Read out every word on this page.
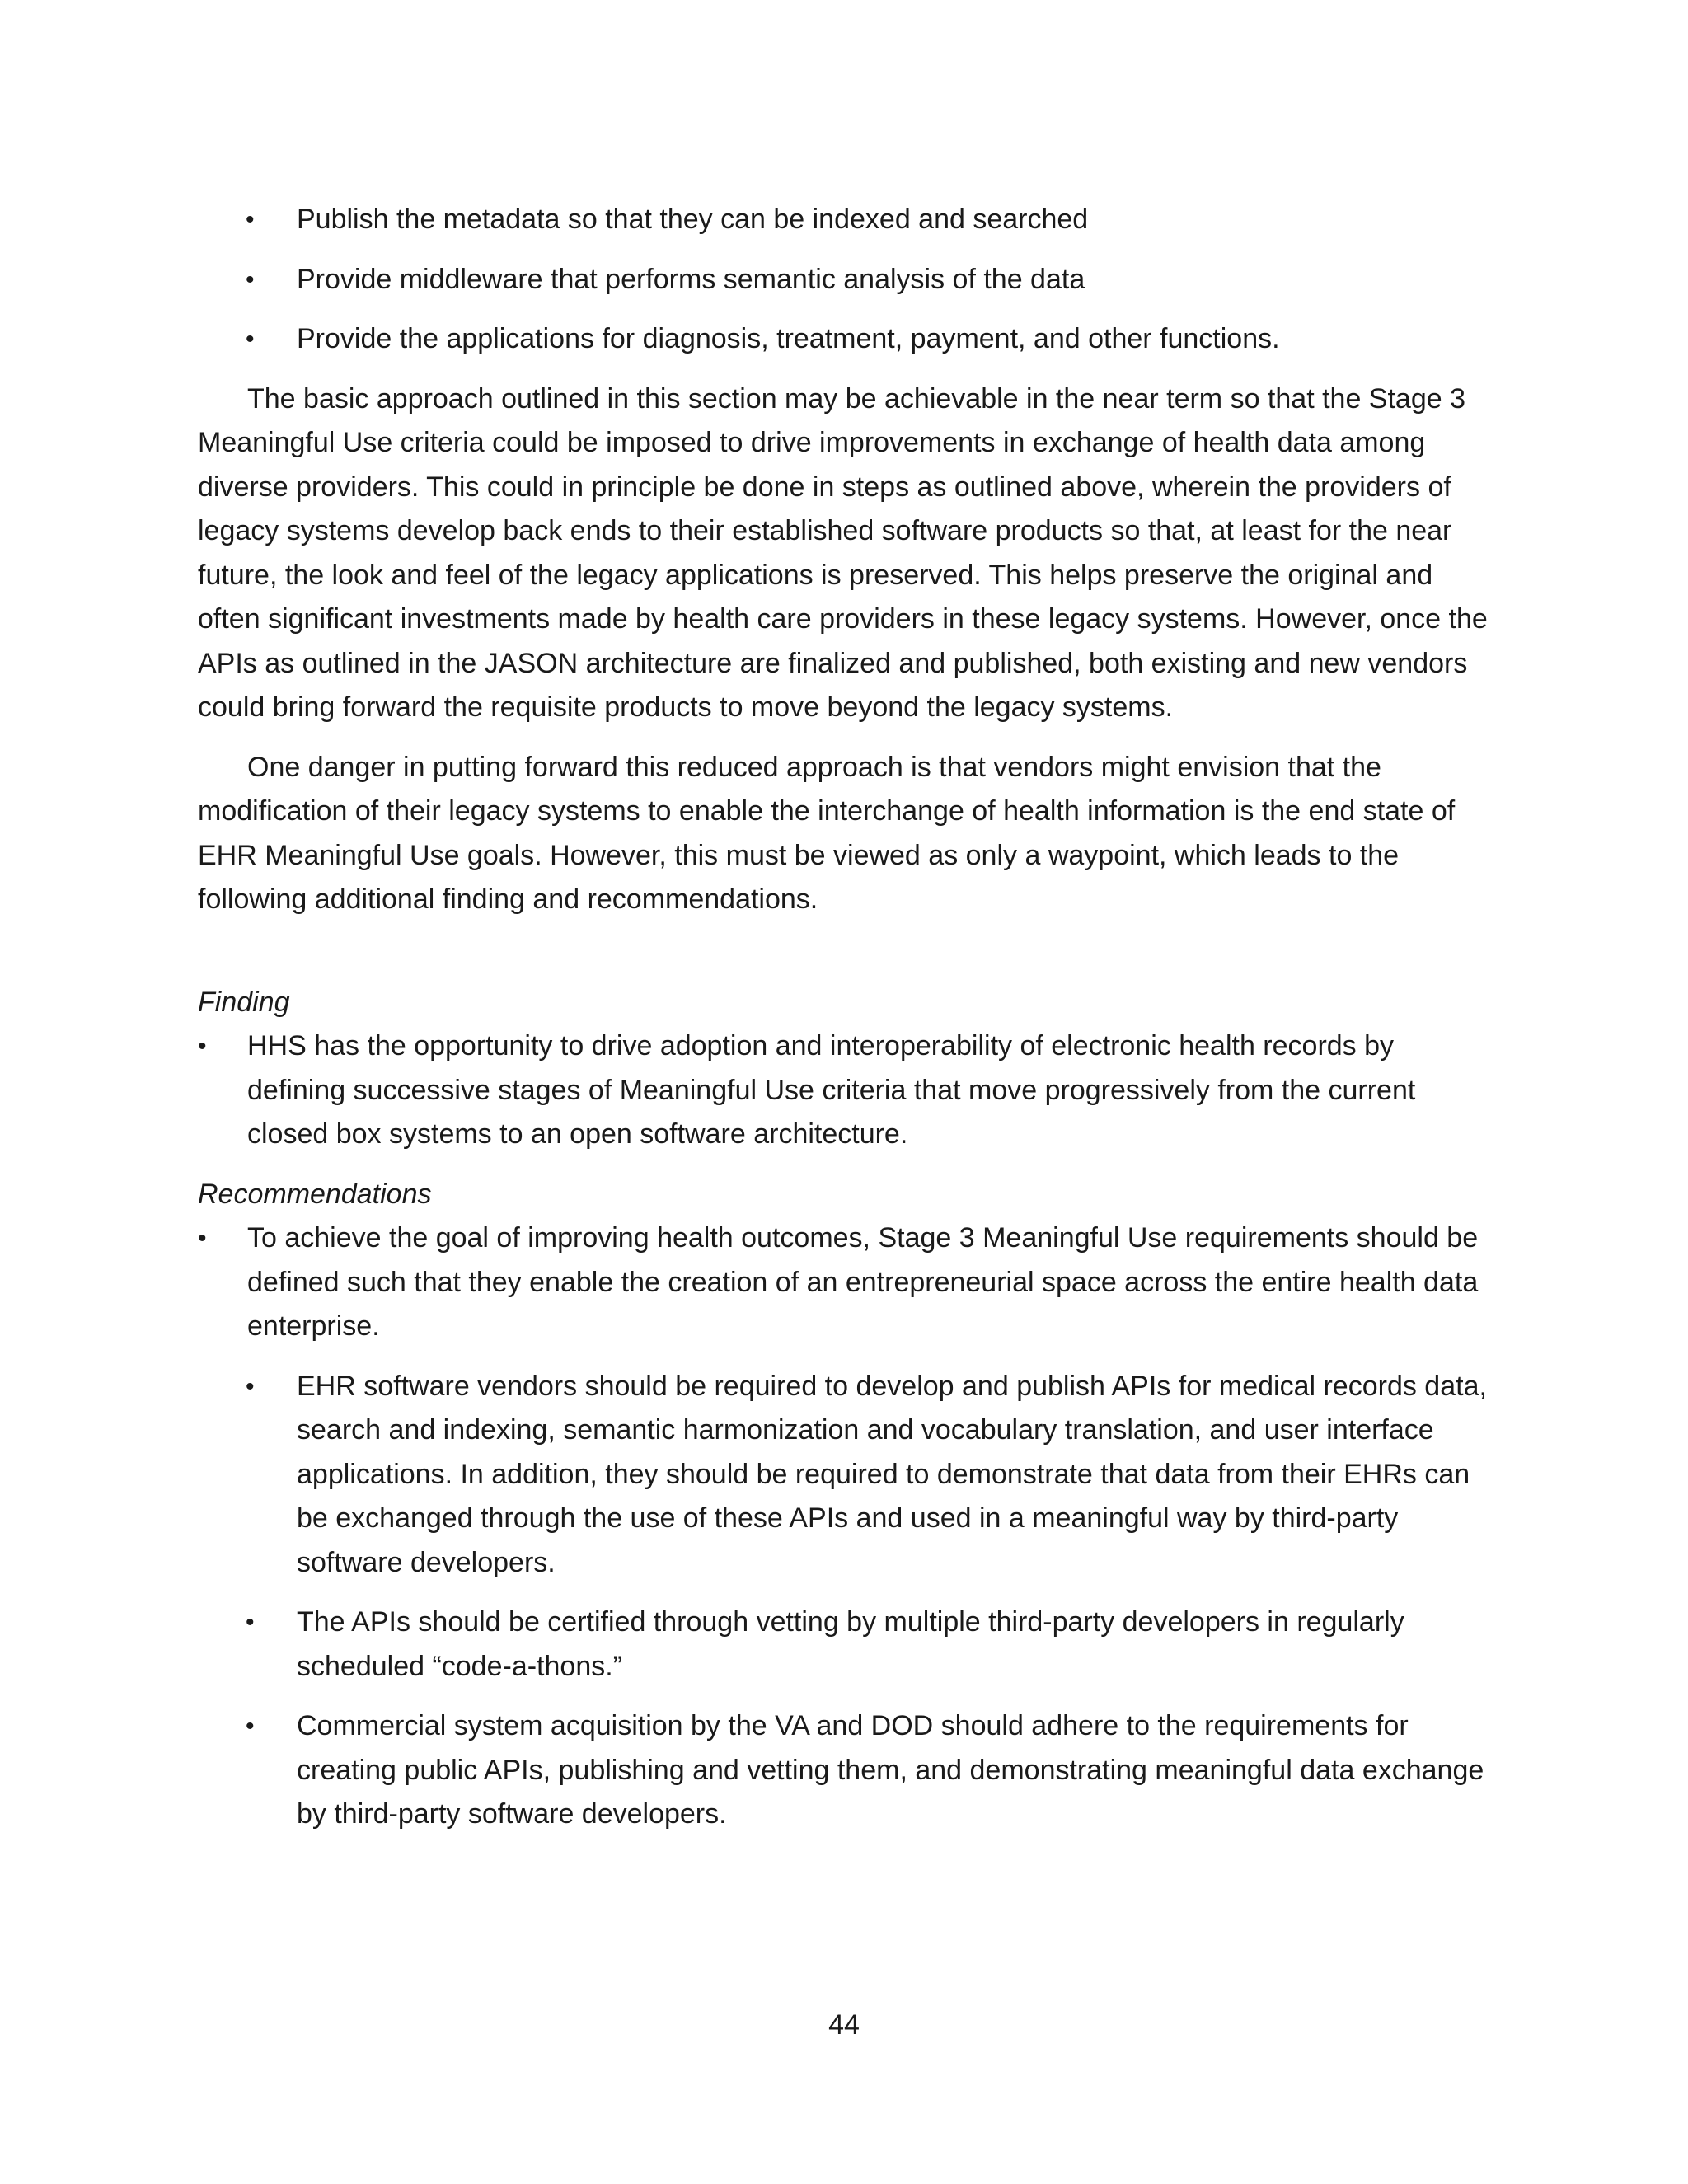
• Publish the metadata so that they can be indexed and searched
• Provide middleware that performs semantic analysis of the data
• Provide the applications for diagnosis, treatment, payment, and other functions.

The basic approach outlined in this section may be achievable in the near term so that the Stage 3 Meaningful Use criteria could be imposed to drive improvements in exchange of health data among diverse providers. This could in principle be done in steps as outlined above, wherein the providers of legacy systems develop back ends to their established software products so that, at least for the near future, the look and feel of the legacy applications is preserved. This helps preserve the original and often significant investments made by health care providers in these legacy systems. However, once the APIs as outlined in the JASON architecture are finalized and published, both existing and new vendors could bring forward the requisite products to move beyond the legacy systems.

One danger in putting forward this reduced approach is that vendors might envision that the modification of their legacy systems to enable the interchange of health information is the end state of EHR Meaningful Use goals. However, this must be viewed as only a waypoint, which leads to the following additional finding and recommendations.

Finding

• HHS has the opportunity to drive adoption and interoperability of electronic health records by defining successive stages of Meaningful Use criteria that move progressively from the current closed box systems to an open software architecture.

Recommendations

• To achieve the goal of improving health outcomes, Stage 3 Meaningful Use requirements should be defined such that they enable the creation of an entrepreneurial space across the entire health data enterprise.
• EHR software vendors should be required to develop and publish APIs for medical records data, search and indexing, semantic harmonization and vocabulary translation, and user interface applications. In addition, they should be required to demonstrate that data from their EHRs can be exchanged through the use of these APIs and used in a meaningful way by third-party software developers.
• The APIs should be certified through vetting by multiple third-party developers in regularly scheduled “code-a-thons.”
• Commercial system acquisition by the VA and DOD should adhere to the requirements for creating public APIs, publishing and vetting them, and demonstrating meaningful data exchange by third-party software developers.
44
